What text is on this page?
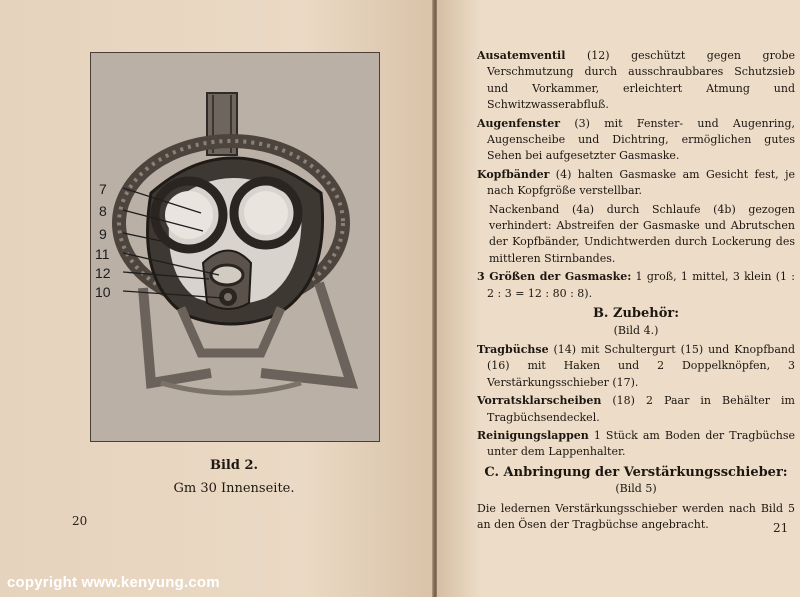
7
8
9
11
12
10
Bild 2.
Gm 30 Innenseite.
20

Ausatemventil (12) geschützt gegen grobe Verschmutzung durch ausschraubbares Schutzsieb und Vorkammer, erleichtert Atmung und Schwitzwasserabfluß.

Augenfenster (3) mit Fenster- und Augenring, Augenscheibe und Dichtring, ermöglichen gutes Sehen bei aufgesetzter Gasmaske.

Kopfbänder (4) halten Gasmaske am Gesicht fest, je nach Kopfgröße verstellbar.

Nackenband (4a) durch Schlaufe (4b) gezogen verhindert: Abstreifen der Gasmaske und Abrutschen der Kopfbänder, Undichtwerden durch Lockerung des mittleren Stirnbandes.

3 Größen der Gasmaske: 1 groß, 1 mittel, 3 klein (1 : 2 : 3 = 12 : 80 : 8).

B. Zubehör:
(Bild 4.)

Tragbüchse (14) mit Schultergurt (15) und Knopfband (16) mit Haken und 2 Doppelknöpfen, 3 Verstärkungsschieber (17).

Vorratsklarscheiben (18) 2 Paar in Behälter im Tragbüchsendeckel.

Reinigungslappen 1 Stück am Boden der Tragbüchse unter dem Lappenhalter.

C. Anbringung der Verstärkungsschieber:
(Bild 5)

Die ledernen Verstärkungsschieber werden nach Bild 5 an den Ösen der Tragbüchse angebracht.	21
copyright www.kenyung.com
